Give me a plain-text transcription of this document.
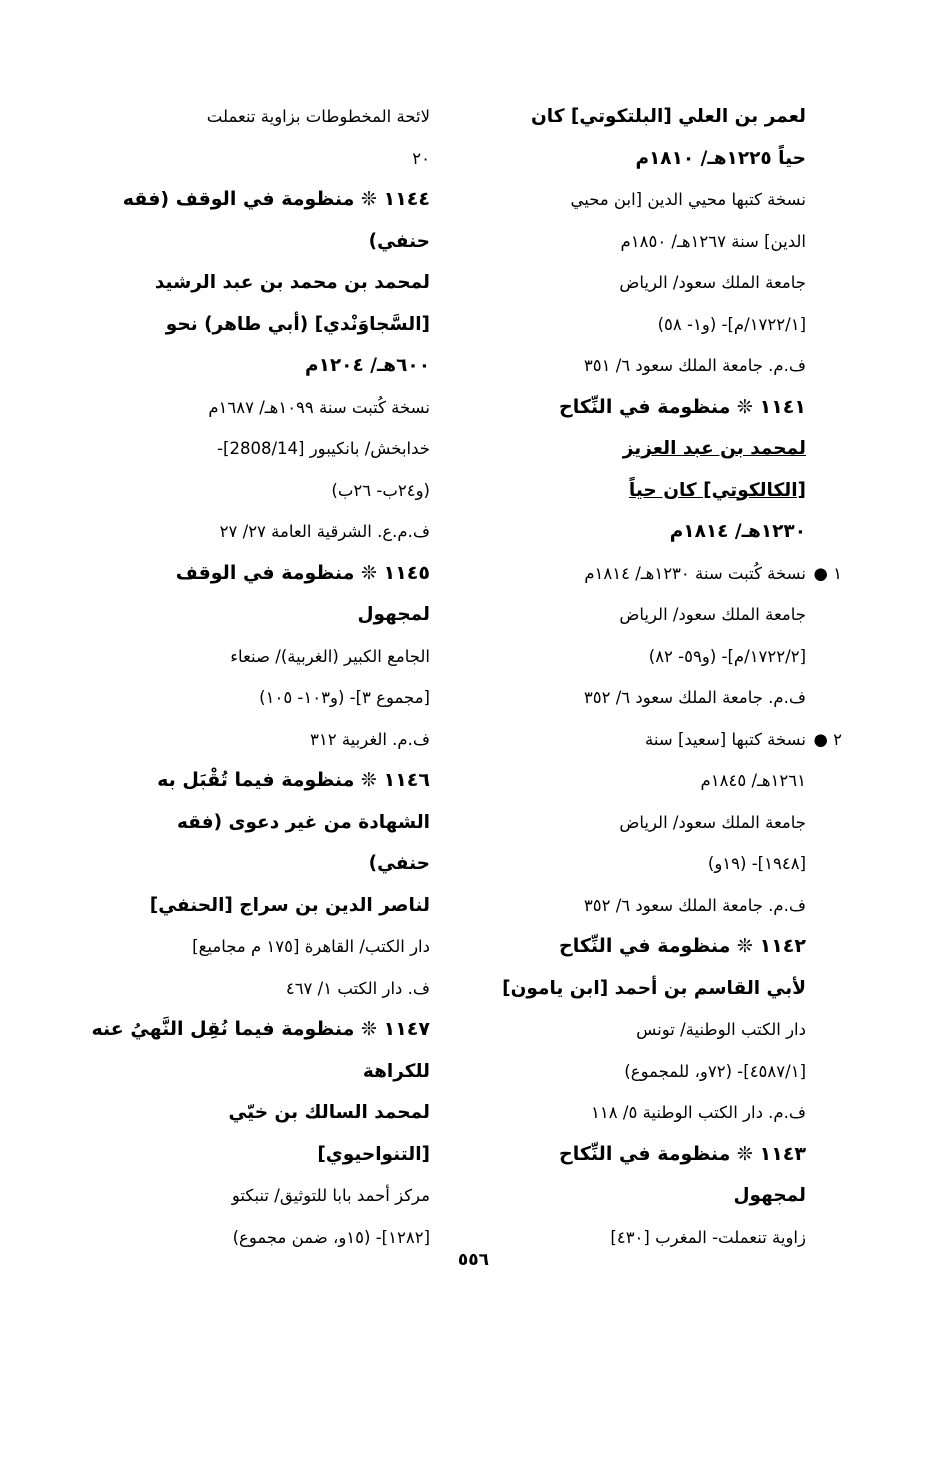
لعمر بن العلي [البلتكوتي] كان
حياً ١٢٢٥هـ/ ١٨١٠م
نسخة كتبها محيي الدين [ابن محيي
الدين] سنة ١٢٦٧هـ/ ١٨٥٠م
جامعة الملك سعود/ الرياض
[١٧٢٢/١/م]- (و١- ٥٨)
ف.م. جامعة الملك سعود ٦/ ٣٥١
١١٤١ ❊ منظومة في النِّكاح
لمحمد بن عبد العزيز
[الكالكوتي] كان حياً
١٢٣٠هـ/ ١٨١٤م
١ ●نسخة كُتبت سنة ١٢٣٠هـ/ ١٨١٤م
جامعة الملك سعود/ الرياض
[١٧٢٢/٢/م]- (و٥٩- ٨٢)
ف.م. جامعة الملك سعود ٦/ ٣٥٢
٢ ●نسخة كتبها [سعيد] سنة
١٢٦١هـ/ ١٨٤٥م
جامعة الملك سعود/ الرياض
[١٩٤٨]- (١٩و)
ف.م. جامعة الملك سعود ٦/ ٣٥٢
١١٤٢ ❊ منظومة في النِّكاح
لأبي القاسم بن أحمد [ابن يامون]
دار الكتب الوطنية/ تونس
[٤٥٨٧/١]- (٧٢و، للمجموع)
ف.م. دار الكتب الوطنية ٥/ ١١٨
١١٤٣ ❊ منظومة في النِّكاح
لمجهول
زاوية تنعملت- المغرب [٤٣٠]
لائحة المخطوطات بزاوية تنعملت
٢٠
١١٤٤ ❊ منظومة في الوقف (فقه
حنفي)
لمحمد بن محمد بن عبد الرشيد
[السَّجاوَنْدي] (أبي طاهر) نحو
٦٠٠هـ/ ١٢٠٤م
نسخة كُتبت سنة ١٠٩٩هـ/ ١٦٨٧م
خدابخش/ بانكيبور [2808/14]-
(و٢٤ب- ٢٦ب)
ف.م.ع. الشرقية العامة ٢٧/ ٢٧
١١٤٥ ❊ منظومة في الوقف
لمجهول
الجامع الكبير (الغربية)/ صنعاء
[مجموع ٣]- (و١٠٣- ١٠٥)
ف.م. الغربية ٣١٢
١١٤٦ ❊ منظومة فيما تُقْبَل به
الشهادة من غير دعوى (فقه
حنفي)
لناصر الدين بن سراج [الحنفي]
دار الكتب/ القاهرة [١٧٥ م مجاميع]
ف. دار الكتب ١/ ٤٦٧
١١٤٧ ❊ منظومة فيما نُقِل النَّهيُ عنه
للكراهة
لمحمد السالك بن خيّي
[التنواحيوي]
مركز أحمد بابا للتوثيق/ تنبكتو
[١٢٨٢]- (١٥و، ضمن مجموع)
٥٥٦
